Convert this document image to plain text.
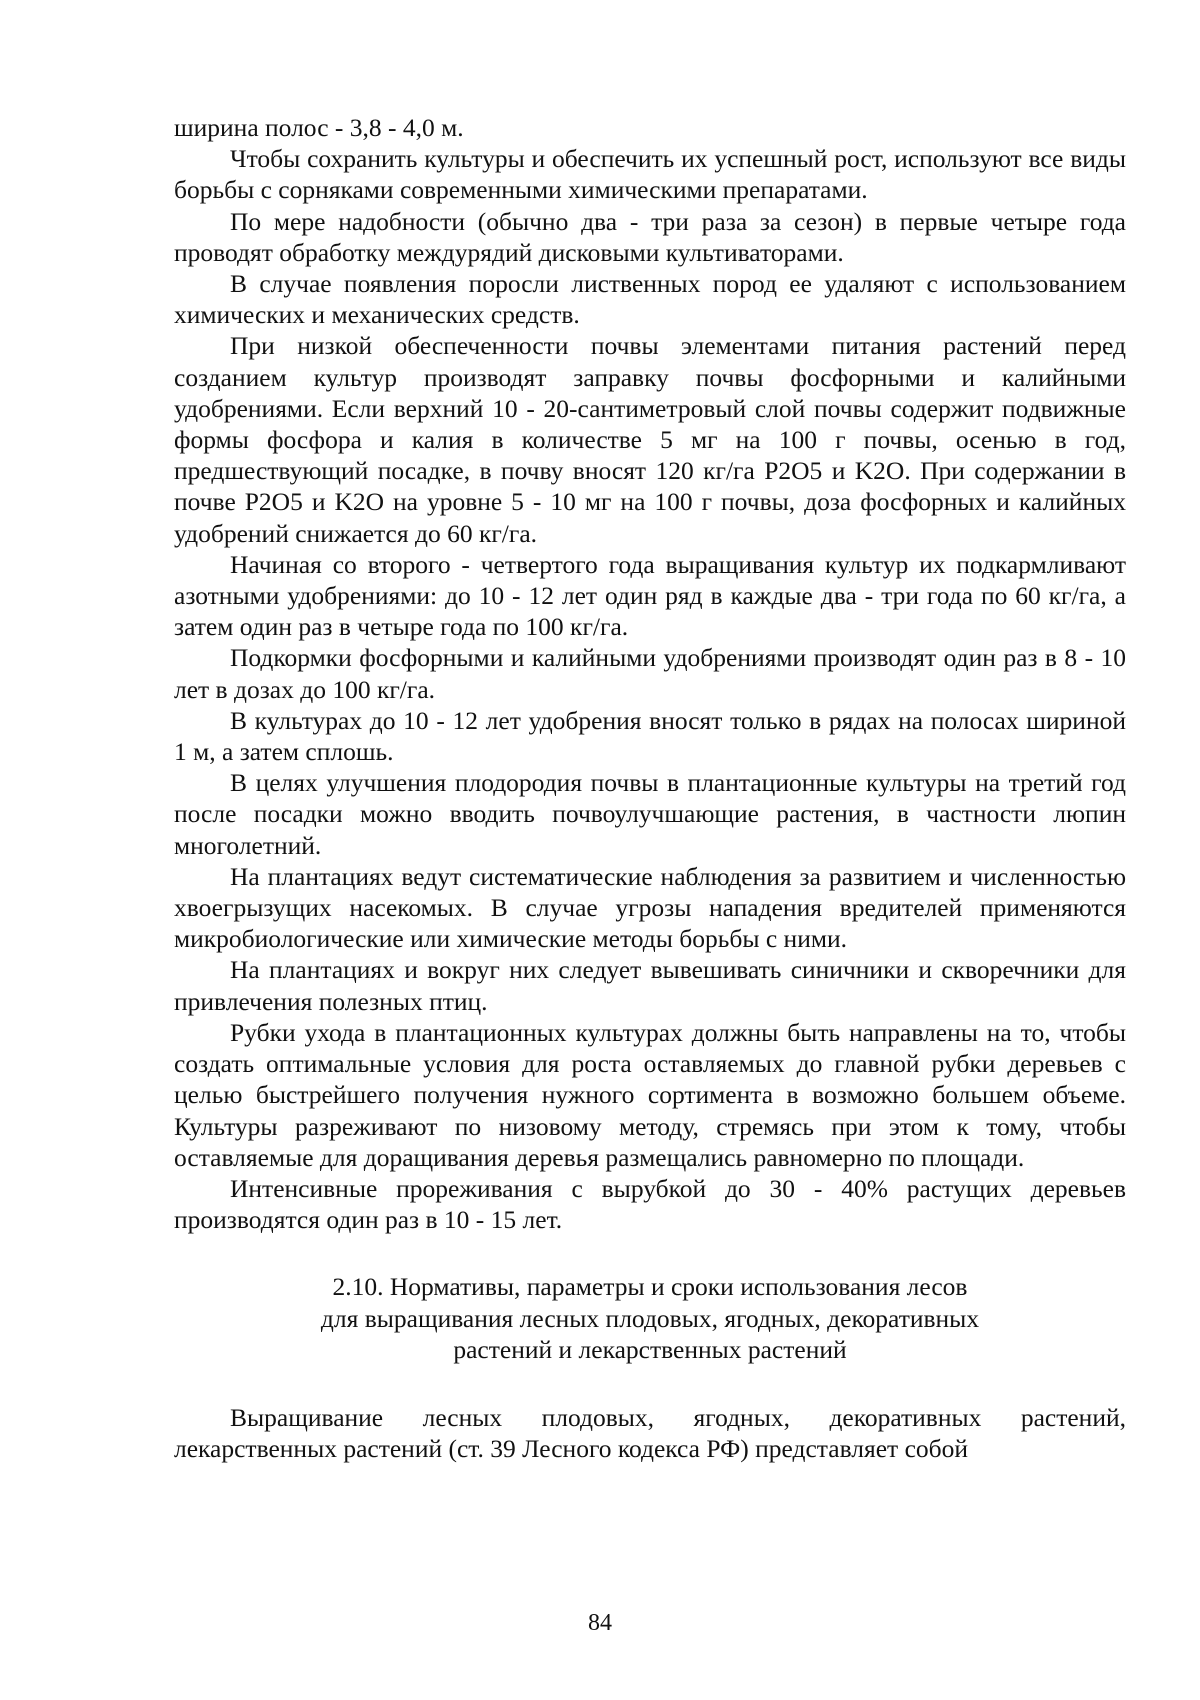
ширина полос - 3,8 - 4,0 м.

Чтобы сохранить культуры и обеспечить их успешный рост, используют все виды борьбы с сорняками современными химическими препаратами.

По мере надобности (обычно два - три раза за сезон) в первые четыре года проводят обработку междурядий дисковыми культиваторами.

В случае появления поросли лиственных пород ее удаляют с использованием химических и механических средств.

При низкой обеспеченности почвы элементами питания растений перед созданием культур производят заправку почвы фосфорными и калийными удобрениями. Если верхний 10 - 20-сантиметровый слой почвы содержит подвижные формы фосфора и калия в количестве 5 мг на 100 г почвы, осенью в год, предшествующий посадке, в почву вносят 120 кг/га P2O5 и K2O. При содержании в почве P2O5 и K2O на уровне 5 - 10 мг на 100 г почвы, доза фосфорных и калийных удобрений снижается до 60 кг/га.

Начиная со второго - четвертого года выращивания культур их подкармливают азотными удобрениями: до 10 - 12 лет один ряд в каждые два - три года по 60 кг/га, а затем один раз в четыре года по 100 кг/га.

Подкормки фосфорными и калийными удобрениями производят один раз в 8 - 10 лет в дозах до 100 кг/га.

В культурах до 10 - 12 лет удобрения вносят только в рядах на полосах шириной 1 м, а затем сплошь.

В целях улучшения плодородия почвы в плантационные культуры на третий год после посадки можно вводить почвоулучшающие растения, в частности люпин многолетний.

На плантациях ведут систематические наблюдения за развитием и численностью хвоегрызущих насекомых. В случае угрозы нападения вредителей применяются микробиологические или химические методы борьбы с ними.

На плантациях и вокруг них следует вывешивать синичники и скворечники для привлечения полезных птиц.

Рубки ухода в плантационных культурах должны быть направлены на то, чтобы создать оптимальные условия для роста оставляемых до главной рубки деревьев с целью быстрейшего получения нужного сортимента в возможно большем объеме. Культуры разреживают по низовому методу, стремясь при этом к тому, чтобы оставляемые для доращивания деревья размещались равномерно по площади.

Интенсивные прореживания с вырубкой до 30 - 40% растущих деревьев производятся один раз в 10 - 15 лет.

2.10. Нормативы, параметры и сроки использования лесов
для выращивания лесных плодовых, ягодных, декоративных
растений и лекарственных растений

Выращивание лесных плодовых, ягодных, декоративных растений, лекарственных растений (ст. 39 Лесного кодекса РФ) представляет собой

84
